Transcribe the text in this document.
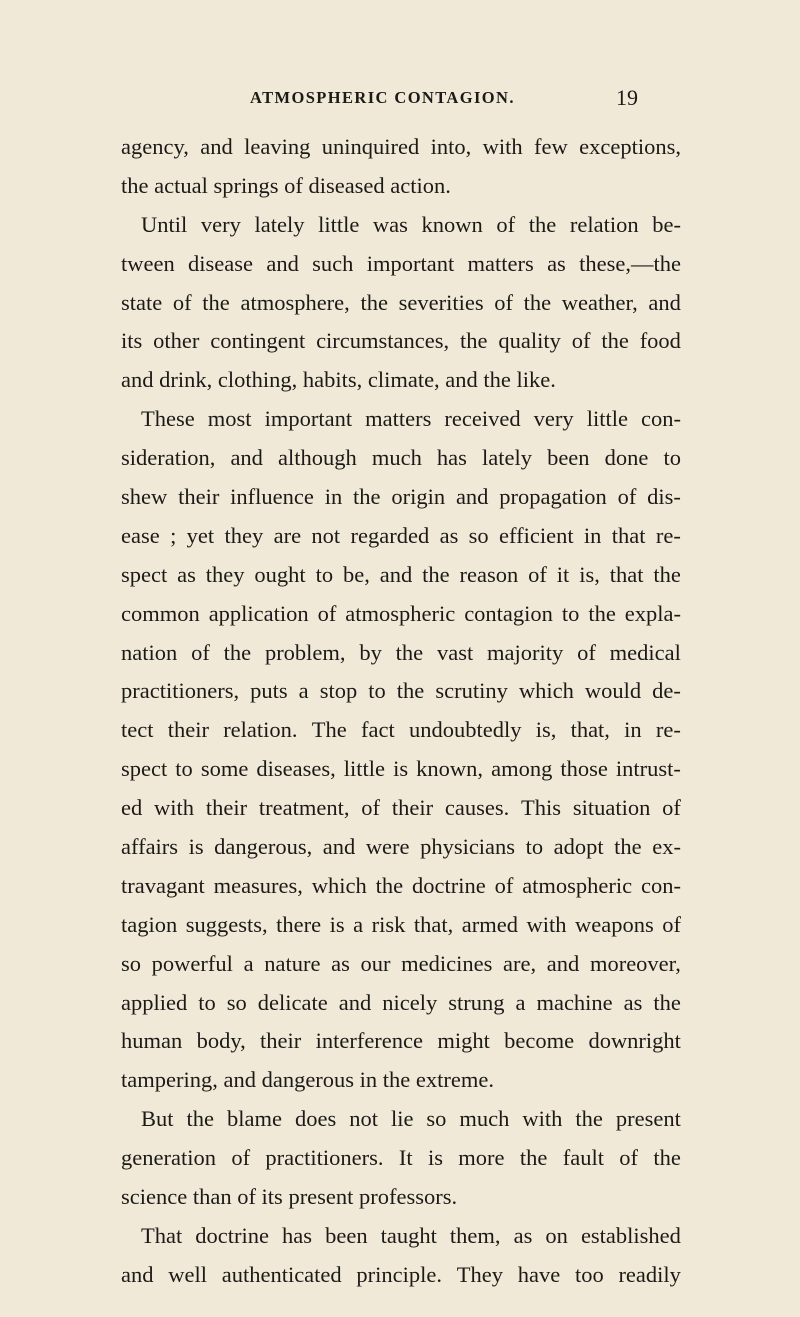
ATMOSPHERIC CONTAGION.	19
agency, and leaving uninquired into, with few exceptions,
the actual springs of diseased action.
Until very lately little was known of the relation be-
tween disease and such important matters as these,—the
state of the atmosphere, the severities of the weather, and
its other contingent circumstances, the quality of the food
and drink, clothing, habits, climate, and the like.
These most important matters received very little con-
sideration, and although much has lately been done to
shew their influence in the origin and propagation of dis-
ease ; yet they are not regarded as so efficient in that re-
spect as they ought to be, and the reason of it is, that the
common application of atmospheric contagion to the expla-
nation of the problem, by the vast majority of medical
practitioners, puts a stop to the scrutiny which would de-
tect their relation. The fact undoubtedly is, that, in re-
spect to some diseases, little is known, among those intrust-
ed with their treatment, of their causes. This situation of
affairs is dangerous, and were physicians to adopt the ex-
travagant measures, which the doctrine of atmospheric con-
tagion suggests, there is a risk that, armed with weapons of
so powerful a nature as our medicines are, and moreover,
applied to so delicate and nicely strung a machine as the
human body, their interference might become downright
tampering, and dangerous in the extreme.
But the blame does not lie so much with the present
generation of practitioners. It is more the fault of the
science than of its present professors.
That doctrine has been taught them, as on established
and well authenticated principle. They have too readily
